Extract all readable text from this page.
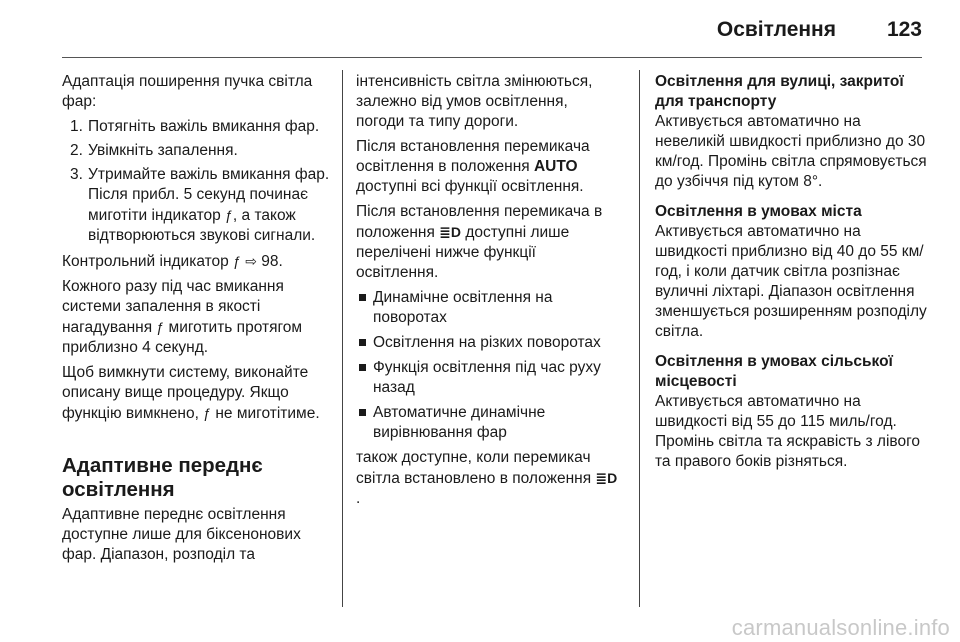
Освітлення 123

Адаптація поширення пучка світла фар:

1. Потягніть важіль вмикання фар.
2. Увімкніть запалення.
3. Утримайте важіль вмикання фар. Після прибл. 5 секунд починає миготіти індикатор ƒ, а також відтворюються звукові сигнали.

Контрольний індикатор ƒ ⇨ 98.

Кожного разу під час вмикання системи запалення в якості нагадування ƒ миготить протягом приблизно 4 секунд.

Щоб вимкнути систему, виконайте описану вище процедуру. Якщо функцію вимкнено, ƒ не миготітиме.

Адаптивне переднє освітлення

Адаптивне переднє освітлення доступне лише для біксенонових фар. Діапазон, розподіл та

інтенсивність світла змінюються, залежно від умов освітлення, погоди та типу дороги.

Після встановлення перемикача освітлення в положення AUTO доступні всі функції освітлення.

Після встановлення перемикача в положення ≣D доступні лише перелічені нижче функції освітлення.

Динамічне освітлення на поворотах
Освітлення на різких поворотах
Функція освітлення під час руху назад
Автоматичне динамічне вирівнювання фар

також доступне, коли перемикач світла встановлено в положення ≣D.

Освітлення для вулиці, закритої для транспорту

Активується автоматично на невеликій швидкості приблизно до 30 км/год. Промінь світла спрямовується до узбіччя під кутом 8°.

Освітлення в умовах міста

Активується автоматично на швидкості приблизно від 40 до 55 км/год, і коли датчик світла розпізнає вуличні ліхтарі. Діапазон освітлення зменшується розширенням розподілу світла.

Освітлення в умовах сільської місцевості

Активується автоматично на швидкості від 55 до 115 миль/год. Промінь світла та яскравість з лівого та правого боків різняться.

carmanualsonline.info
